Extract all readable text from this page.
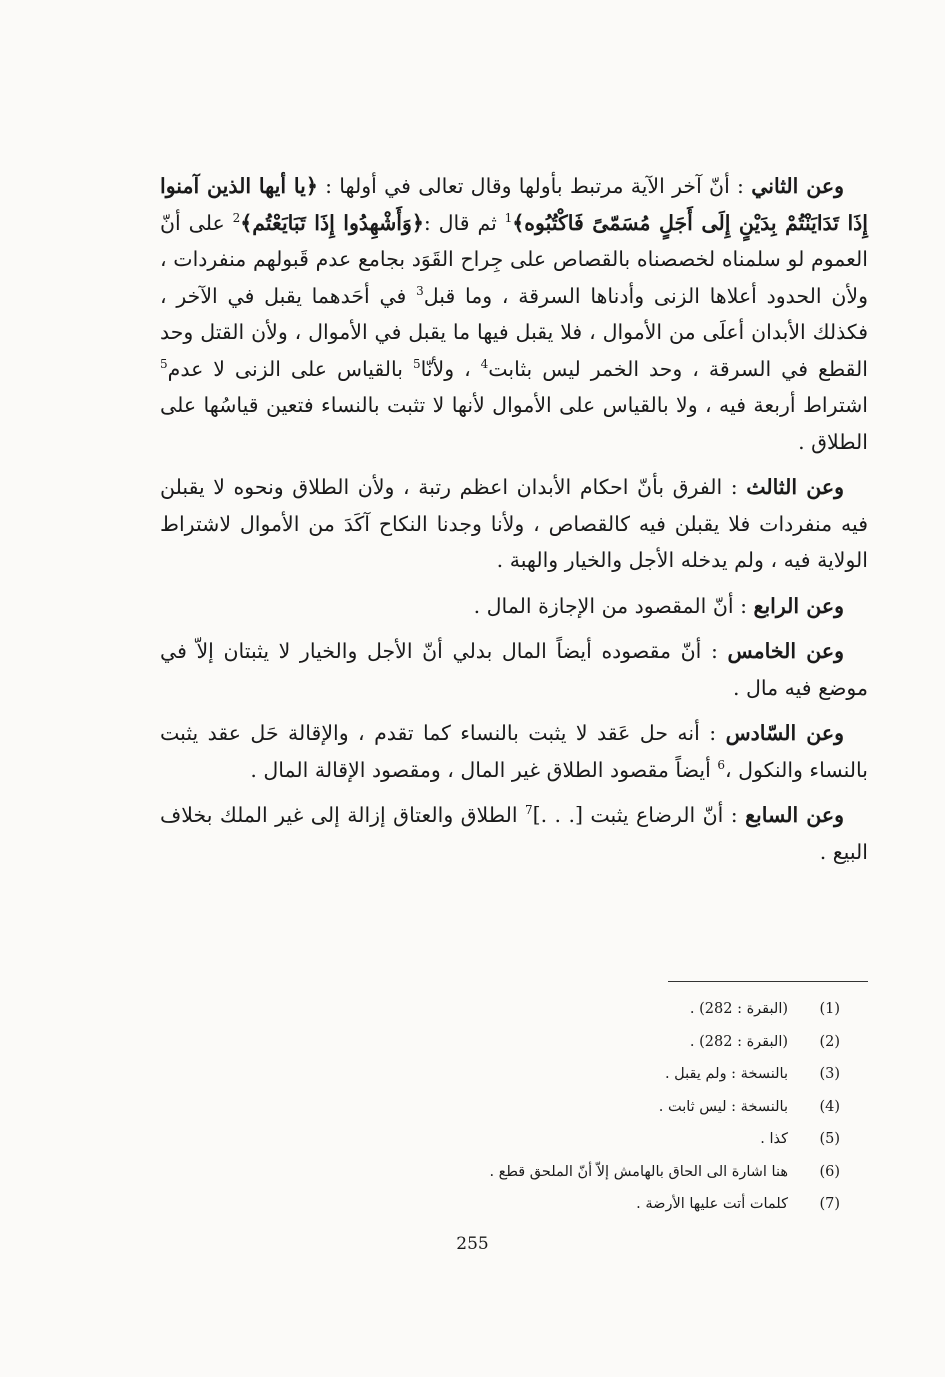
وعن الثاني : أنّ آخر الآية مرتبط بأولها وقال تعالى في أولها : ﴿يا أيها الذين آمنوا إِذَا تَدَايَنْتُمْ بِدَيْنٍ إِلَى أَجَلٍ مُسَمّىً فَاكْتُبُوه﴾$^1$ ثم قال :﴿وَأَشْهِدُوا إِذَا تَبَايَعْتُم﴾$^2$ على أنّ العموم لو سلمناه لخصصناه بالقصاص على جِراح القَوَد بجامع عدم قَبولهم منفردات ، ولأن الحدود أعلاها الزنى وأدناها السرقة ، وما قبل$^3$ في أحَدهما يقبل في الآخر ، فكذلك الأبدان أعلَى من الأموال ، فلا يقبل فيها ما يقبل في الأموال ، ولأن القتل وحد القطع في السرقة ، وحد الخمر ليس بثابت$^4$ ، ولأنّا$^5$ بالقياس على الزنى لا عدم$^5$ اشتراط أربعة فيه ، ولا بالقياس على الأموال لأنها لا تثبت بالنساء فتعين قياسُها على الطلاق .

وعن الثالث : الفرق بأنّ احكام الأبدان اعظم رتبة ، ولأن الطلاق ونحوه لا يقبلن فيه منفردات فلا يقبلن فيه كالقصاص ، ولأنا وجدنا النكاح آكَدَ من الأموال لاشتراط الولاية فيه ، ولم يدخله الأجل والخيار والهبة .

وعن الرابع : أنّ المقصود من الإجازة المال .

وعن الخامس : أنّ مقصوده أيضاً المال بدلي أنّ الأجل والخيار لا يثبتان إلاّ في موضع فيه مال .

وعن السّادس : أنه حل عَقد لا يثبت بالنساء كما تقدم ، والإقالة حَل عقد يثبت بالنساء والنكول ،$^6$ أيضاً مقصود الطلاق غير المال ، ومقصود الإقالة المال .

وعن السابع : أنّ الرضاع يثبت [. . .]$^7$ الطلاق والعتاق إزالة إلى غير الملك بخلاف البيع .

(1)(البقرة : 282) .
(2)(البقرة : 282) .
(3)بالنسخة : ولم يقبل .
(4)بالنسخة : ليس ثابت .
(5)كذا .
(6)هنا اشارة الى الحاق بالهامش إلاّ أنّ الملحق قطع .
(7)كلمات أتت عليها الأرضة .
255
